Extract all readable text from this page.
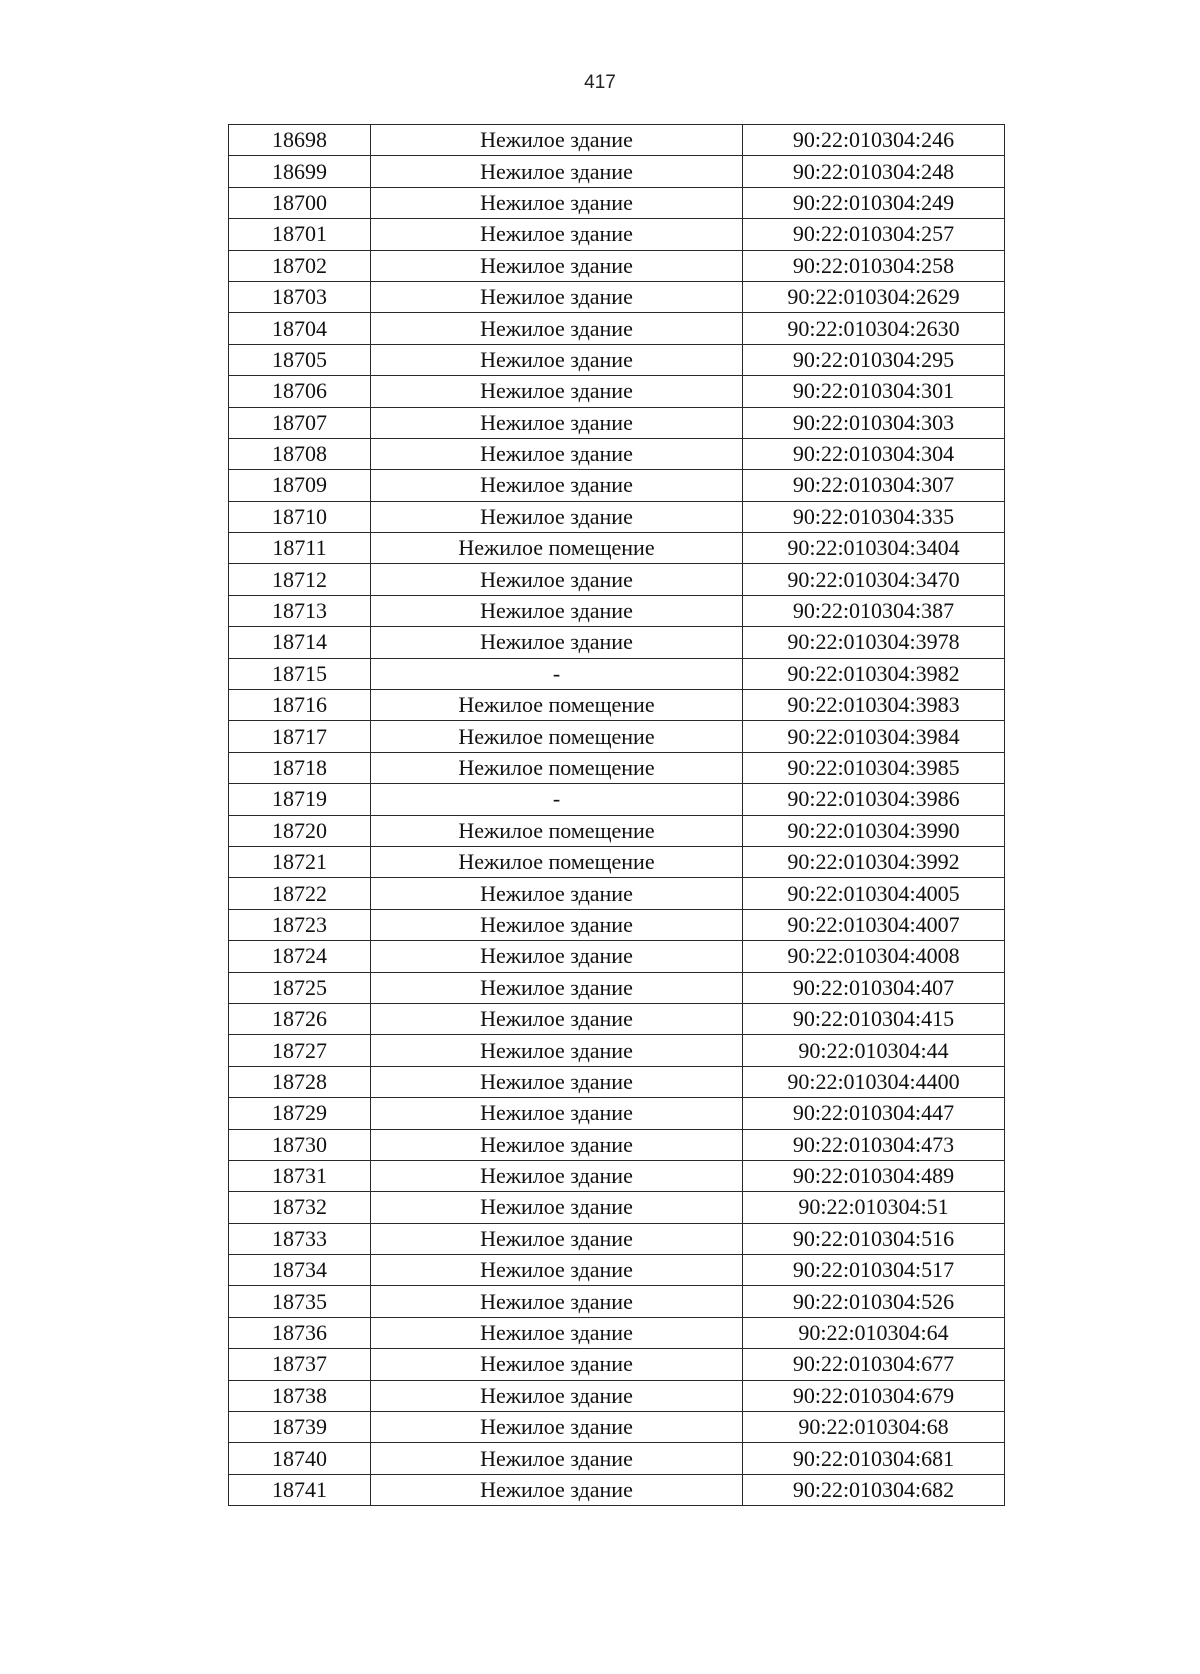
417
18698	Нежилое здание	90:22:010304:246
18699	Нежилое здание	90:22:010304:248
18700	Нежилое здание	90:22:010304:249
18701	Нежилое здание	90:22:010304:257
18702	Нежилое здание	90:22:010304:258
18703	Нежилое здание	90:22:010304:2629
18704	Нежилое здание	90:22:010304:2630
18705	Нежилое здание	90:22:010304:295
18706	Нежилое здание	90:22:010304:301
18707	Нежилое здание	90:22:010304:303
18708	Нежилое здание	90:22:010304:304
18709	Нежилое здание	90:22:010304:307
18710	Нежилое здание	90:22:010304:335
18711	Нежилое помещение	90:22:010304:3404
18712	Нежилое здание	90:22:010304:3470
18713	Нежилое здание	90:22:010304:387
18714	Нежилое здание	90:22:010304:3978
18715	-	90:22:010304:3982
18716	Нежилое помещение	90:22:010304:3983
18717	Нежилое помещение	90:22:010304:3984
18718	Нежилое помещение	90:22:010304:3985
18719	-	90:22:010304:3986
18720	Нежилое помещение	90:22:010304:3990
18721	Нежилое помещение	90:22:010304:3992
18722	Нежилое здание	90:22:010304:4005
18723	Нежилое здание	90:22:010304:4007
18724	Нежилое здание	90:22:010304:4008
18725	Нежилое здание	90:22:010304:407
18726	Нежилое здание	90:22:010304:415
18727	Нежилое здание	90:22:010304:44
18728	Нежилое здание	90:22:010304:4400
18729	Нежилое здание	90:22:010304:447
18730	Нежилое здание	90:22:010304:473
18731	Нежилое здание	90:22:010304:489
18732	Нежилое здание	90:22:010304:51
18733	Нежилое здание	90:22:010304:516
18734	Нежилое здание	90:22:010304:517
18735	Нежилое здание	90:22:010304:526
18736	Нежилое здание	90:22:010304:64
18737	Нежилое здание	90:22:010304:677
18738	Нежилое здание	90:22:010304:679
18739	Нежилое здание	90:22:010304:68
18740	Нежилое здание	90:22:010304:681
18741	Нежилое здание	90:22:010304:682
